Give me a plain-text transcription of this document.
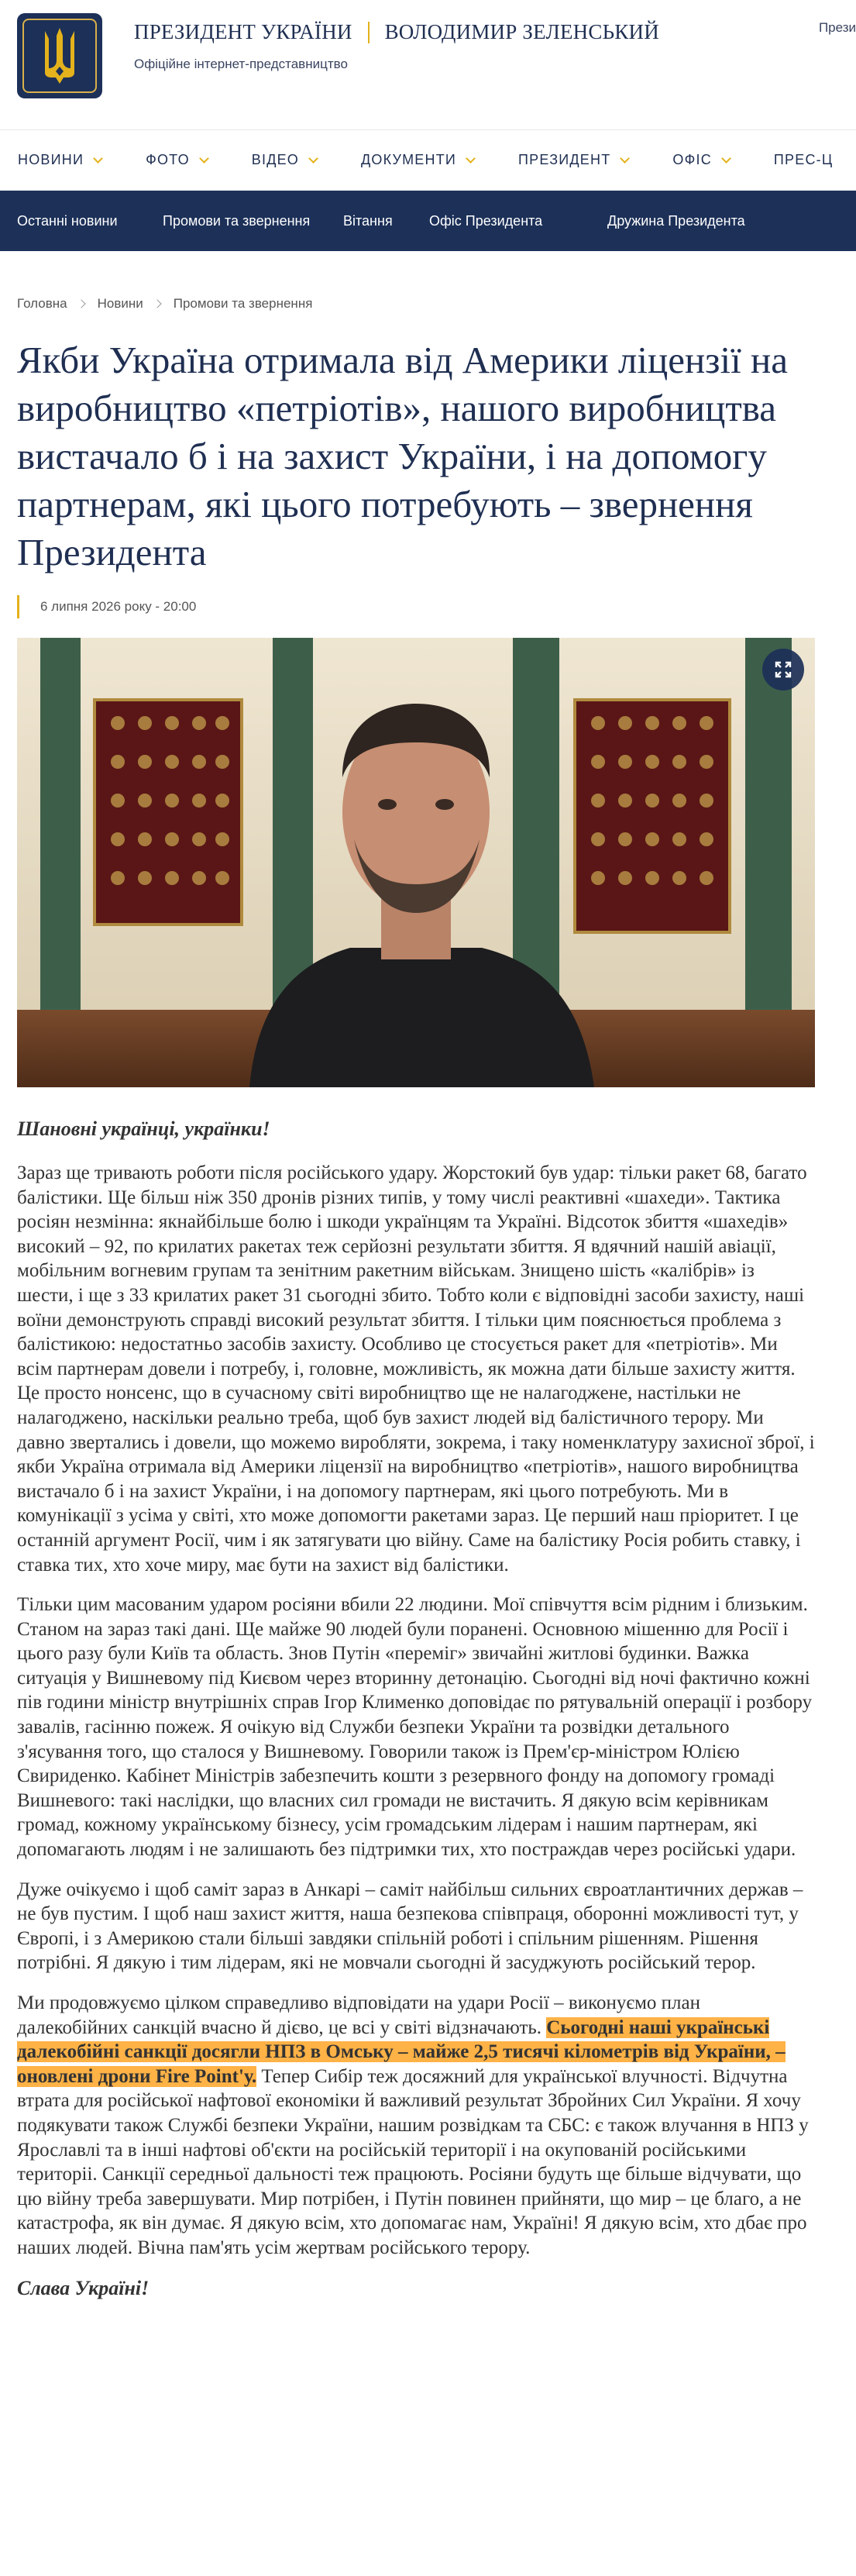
ПРЕЗИДЕНТ УКРАЇНИ ВОЛОДИМИР ЗЕЛЕНСЬКИЙ
Офіційне інтернет-представництво
Прези
НОВИНИ	ФОТО	ВІДЕО	ДОКУМЕНТИ	ПРЕЗИДЕНТ	ОФІС	ПРЕС-Ц
Останні новини	Промови та звернення	Вітання	Офіс Президента	Дружина Президента
Головна Новини Промови та звернення
Якби Україна отримала від Америки ліцензії на виробництво «петріотів», нашого виробництва вистачало б і на захист України, і на допомогу партнерам, які цього потребують – звернення Президента
6 липня 2026 року - 20:00
Шановні українці, українки!

Зараз ще тривають роботи після російського удару. Жорстокий був удар: тільки ракет 68, багато балістики. Ще більш ніж 350 дронів різних типів, у тому числі реактивні «шахеди». Тактика росіян незмінна: якнайбільше болю і шкоди українцям та Україні. Відсоток збиття «шахедів» високий – 92, по крилатих ракетах теж серйозні результати збиття. Я вдячний нашій авіації, мобільним вогневим групам та зенітним ракетним військам. Знищено шість «калібрів» із шести, і ще з 33 крилатих ракет 31 сьогодні збито. Тобто коли є відповідні засоби захисту, наші воїни демонструють справді високий результат збиття. І тільки цим пояснюється проблема з балістикою: недостатньо засобів захисту. Особливо це стосується ракет для «петріотів». Ми всім партнерам довели і потребу, і, головне, можливість, як можна дати більше захисту життя. Це просто нонсенс, що в сучасному світі виробництво ще не налагоджене, настільки не налагоджено, наскільки реально треба, щоб був захист людей від балістичного терору. Ми давно звертались і довели, що можемо виробляти, зокрема, і таку номенклатуру захисної зброї, і якби Україна отримала від Америки ліцензії на виробництво «петріотів», нашого виробництва вистачало б і на захист України, і на допомогу партнерам, які цього потребують. Ми в комунікації з усіма у світі, хто може допомогти ракетами зараз. Це перший наш пріоритет. І це останній аргумент Росії, чим і як затягувати цю війну. Саме на балістику Росія робить ставку, і ставка тих, хто хоче миру, має бути на захист від балістики.

Тільки цим масованим ударом росіяни вбили 22 людини. Мої співчуття всім рідним і близьким. Станом на зараз такі дані. Ще майже 90 людей були поранені. Основною мішенню для Росії і цього разу були Київ та область. Знов Путін «переміг» звичайні житлові будинки. Важка ситуація у Вишневому під Києвом через вторинну детонацію. Сьогодні від ночі фактично кожні пів години міністр внутрішніх справ Ігор Клименко доповідає по рятувальній операції і розбору завалів, гасінню пожеж. Я очікую від Служби безпеки України та розвідки детального з'ясування того, що сталося у Вишневому. Говорили також із Прем'єр-міністром Юлією Свириденко. Кабінет Міністрів забезпечить кошти з резервного фонду на допомогу громаді Вишневого: такі наслідки, що власних сил громади не вистачить. Я дякую всім керівникам громад, кожному українському бізнесу, усім громадським лідерам і нашим партнерам, які допомагають людям і не залишають без підтримки тих, хто постраждав через російські удари.

Дуже очікуємо і щоб саміт зараз в Анкарі – саміт найбільш сильних євроатлантичних держав – не був пустим. І щоб наш захист життя, наша безпекова співпраця, оборонні можливості тут, у Європі, і з Америкою стали більші завдяки спільній роботі і спільним рішенням. Рішення потрібні. Я дякую і тим лідерам, які не мовчали сьогодні й засуджують російський терор.

Ми продовжуємо цілком справедливо відповідати на удари Росії – виконуємо план далекобійних санкцій вчасно й дієво, це всі у світі відзначають. Сьогодні наші українські далекобійні санкції досягли НПЗ в Омську – майже 2,5 тисячі кілометрів від України, – оновлені дрони Fire Point'у. Тепер Сибір теж досяжний для української влучності. Відчутна втрата для російської нафтової економіки й важливий результат Збройних Сил України. Я хочу подякувати також Службі безпеки України, нашим розвідкам та СБС: є також влучання в НПЗ у Ярославлі та в інші нафтові об'єкти на російській території і на окупованій російськими територіі. Санкції середньої дальності теж працюють. Росіяни будуть ще більше відчувати, що цю війну треба завершувати. Мир потрібен, і Путін повинен прийняти, що мир – це благо, а не катастрофа, як він думає. Я дякую всім, хто допомагає нам, Україні! Я дякую всім, хто дбає про наших людей. Вічна пам'ять усім жертвам російського терору.

Слава Україні!
